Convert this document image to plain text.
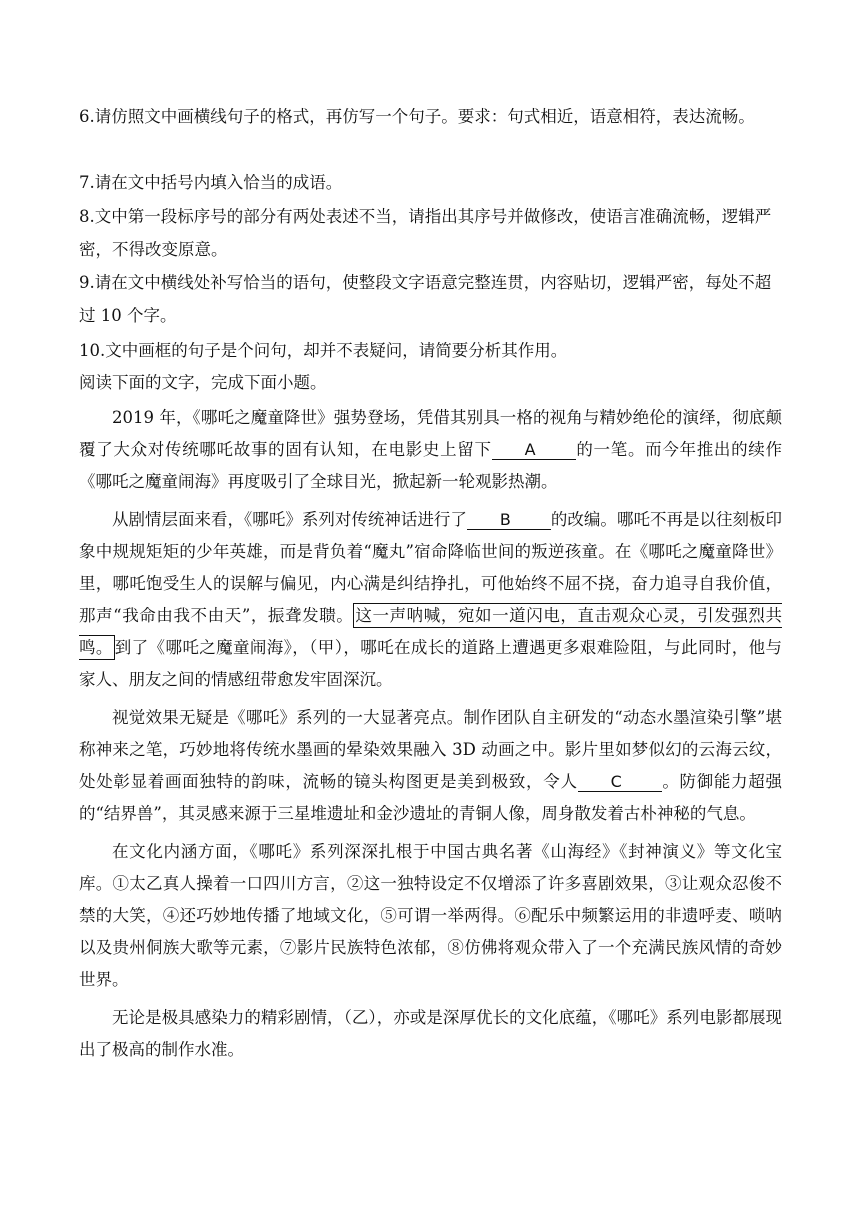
6.请仿照文中画横线句子的格式，再仿写一个句子。要求：句式相近，语意相符，表达流畅。

7.请在文中括号内填入恰当的成语。

8.文中第一段标序号的部分有两处表述不当，请指出其序号并做修改，使语言准确流畅，逻辑严密，不得改变原意。

9.请在文中横线处补写恰当的语句，使整段文字语意完整连贯，内容贴切，逻辑严密，每处不超过 10 个字。

10.文中画框的句子是个问句，却并不表疑问，请简要分析其作用。

阅读下面的文字，完成下面小题。

2019 年，《哪吒之魔童降世》强势登场，凭借其别具一格的视角与精妙绝伦的演绎，彻底颠覆了大众对传统哪吒故事的固有认知，在电影史上留下 A 的一笔。而今年推出的续作《哪吒之魔童闹海》再度吸引了全球目光，掀起新一轮观影热潮。

从剧情层面来看，《哪吒》系列对传统神话进行了 B 的改编。哪吒不再是以往刻板印象中规规矩矩的少年英雄，而是背负着“魔丸”宿命降临世间的叛逆孩童。在《哪吒之魔童降世》里，哪吒饱受生人的误解与偏见，内心满是纠结挣扎，可他始终不屈不挠，奋力追寻自我价值，那声“我命由我不由天”，振聋发聩。 这一声呐喊，宛如一道闪电，直击观众心灵，引发强烈共鸣。 到了《哪吒之魔童闹海》，（甲），哪吒在成长的道路上遭遇更多艰难险阻，与此同时，他与家人、朋友之间的情感纽带愈发牢固深沉。

视觉效果无疑是《哪吒》系列的一大显著亮点。制作团队自主研发的“动态水墨渲染引擎”堪称神来之笔，巧妙地将传统水墨画的晕染效果融入 3D 动画之中。影片里如梦似幻的云海云纹，处处彰显着画面独特的韵味，流畅的镜头构图更是美到极致，令人 C 。防御能力超强的“结界兽”，其灵感来源于三星堆遗址和金沙遗址的青铜人像，周身散发着古朴神秘的气息。

在文化内涵方面，《哪吒》系列深深扎根于中国古典名著《山海经》《封神演义》等文化宝库。①太乙真人操着一口四川方言，②这一独特设定不仅增添了许多喜剧效果，③让观众忍俊不禁的大笑，④还巧妙地传播了地域文化，⑤可谓一举两得。⑥配乐中频繁运用的非遗呼麦、唢呐以及贵州侗族大歌等元素，⑦影片民族特色浓郁，⑧仿佛将观众带入了一个充满民族风情的奇妙世界。

无论是极具感染力的精彩剧情，（乙），亦或是深厚优长的文化底蕴，《哪吒》系列电影都展现出了极高的制作水准。
